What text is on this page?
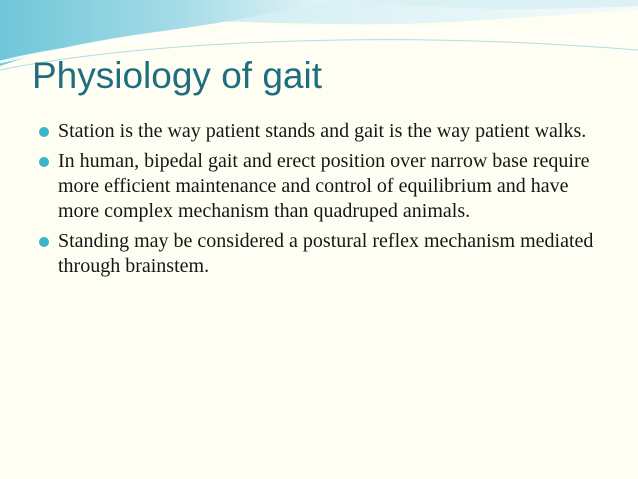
Physiology of gait
Station is the way patient stands and gait is the way patient walks.
In human, bipedal gait and erect position over narrow base require more efficient maintenance and control of equilibrium and have more complex mechanism than quadruped animals.
Standing may be considered a postural reflex mechanism mediated through brainstem.
